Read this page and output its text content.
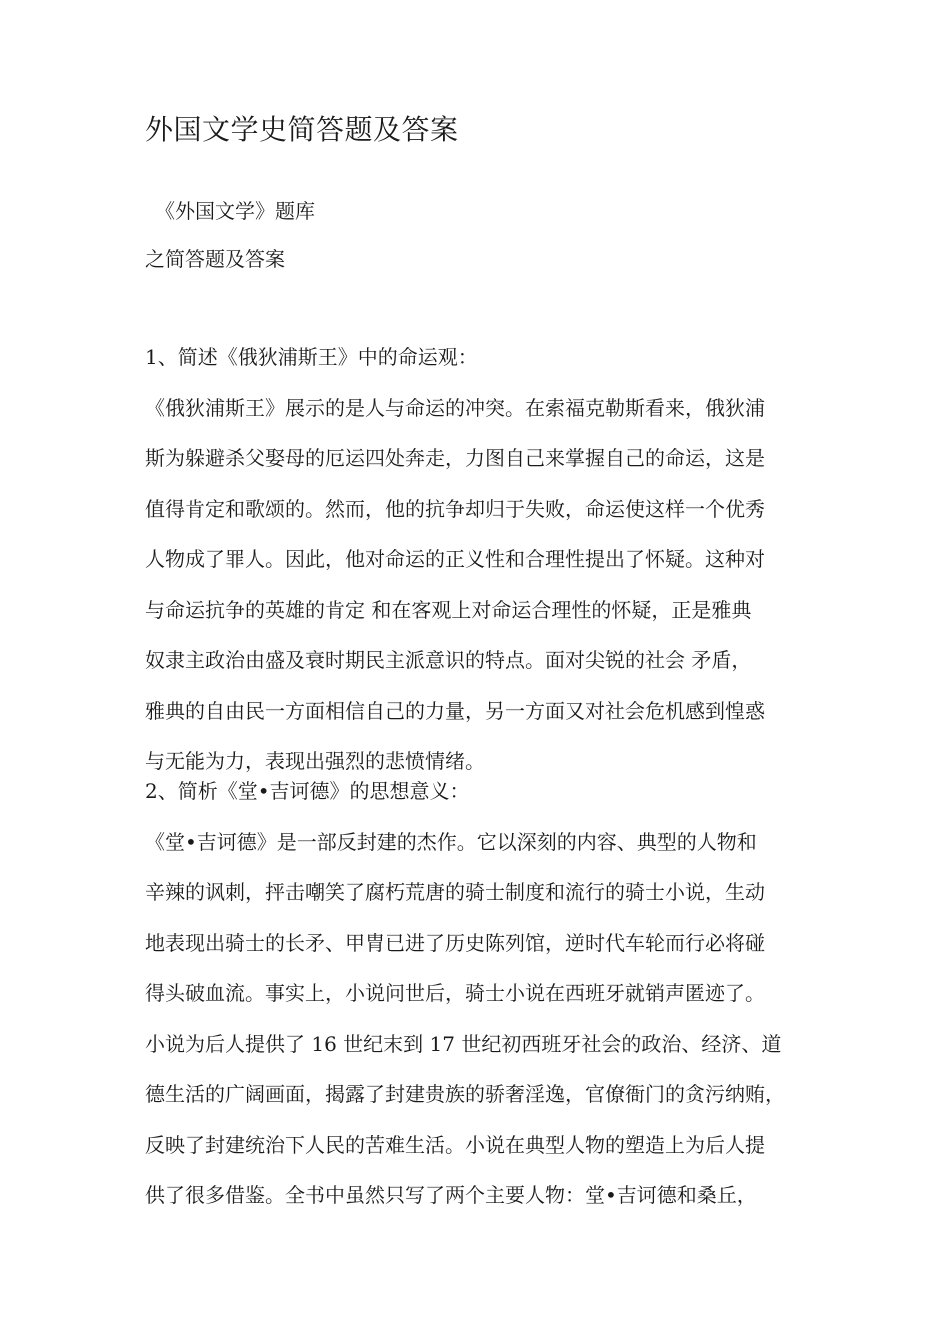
外国文学史简答题及答案
《外国文学》题库
之简答题及答案
1、简述《俄狄浦斯王》中的命运观：
《俄狄浦斯王》展示的是人与命运的冲突。在索福克勒斯看来，俄狄浦
斯为躲避杀父娶母的厄运四处奔走，力图自己来掌握自己的命运，这是
值得肯定和歌颂的。然而，他的抗争却归于失败，命运使这样一个优秀
人物成了罪人。因此，他对命运的正义性和合理性提出了怀疑。这种对
与命运抗争的英雄的肯定 和在客观上对命运合理性的怀疑，正是雅典
奴隶主政治由盛及衰时期民主派意识的特点。面对尖锐的社会 矛盾，
雅典的自由民一方面相信自己的力量，另一方面又对社会危机感到惶惑
与无能为力，表现出强烈的悲愤情绪。
2、简析《堂•吉诃德》的思想意义：
《堂•吉诃德》是一部反封建的杰作。它以深刻的内容、典型的人物和
辛辣的讽刺，抨击嘲笑了腐朽荒唐的骑士制度和流行的骑士小说，生动
地表现出骑士的长矛、甲胄已进了历史陈列馆，逆时代车轮而行必将碰
得头破血流。事实上，小说问世后，骑士小说在西班牙就销声匿迹了。
小说为后人提供了 16 世纪末到 17 世纪初西班牙社会的政治、经济、道
德生活的广阔画面，揭露了封建贵族的骄奢淫逸，官僚衙门的贪污纳贿，
反映了封建统治下人民的苦难生活。小说在典型人物的塑造上为后人提
供了很多借鉴。全书中虽然只写了两个主要人物：堂•吉诃德和桑丘，
